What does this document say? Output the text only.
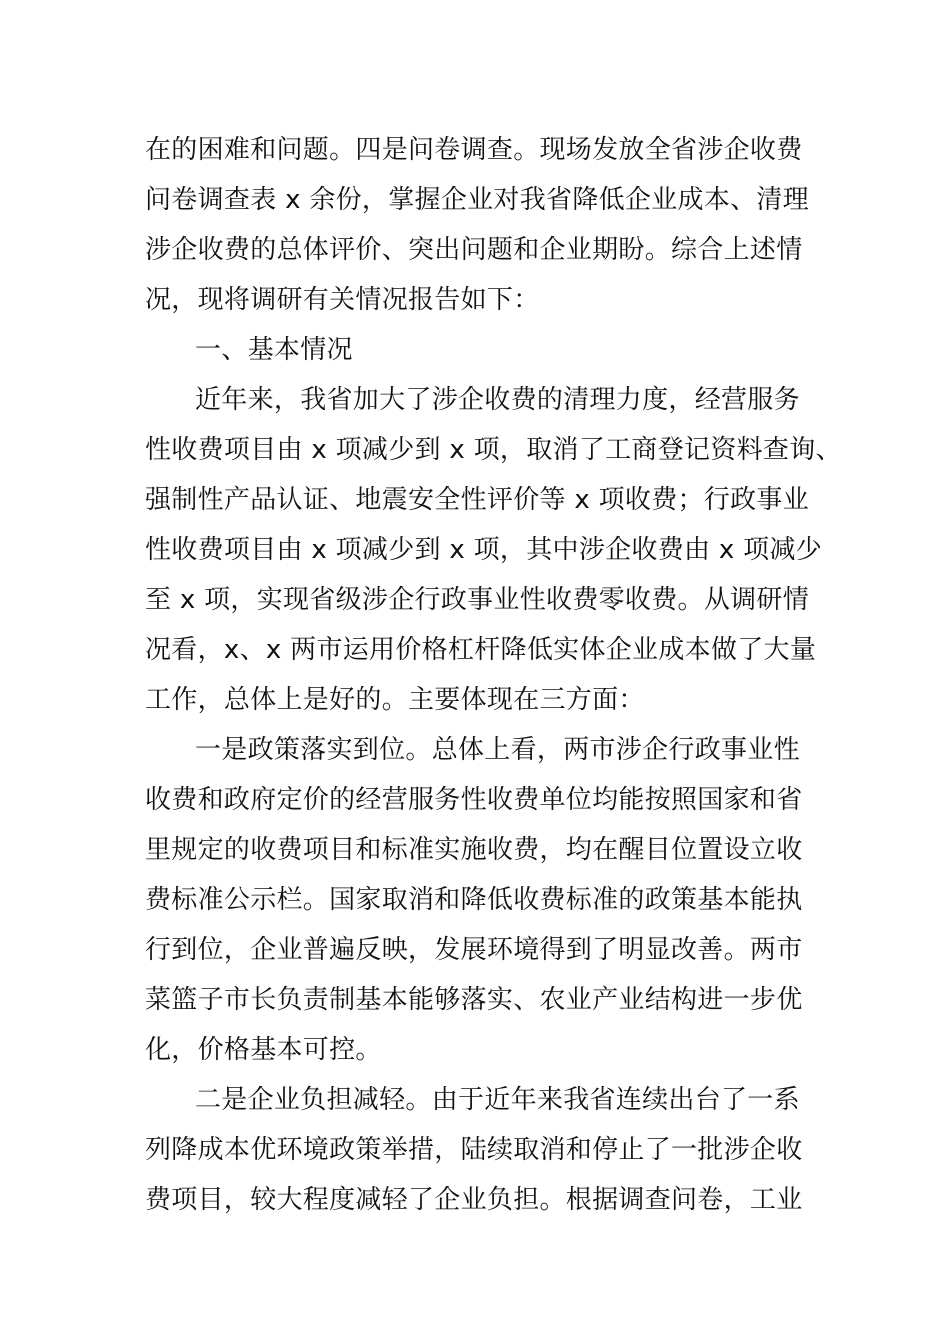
在的困难和问题。四是问卷调查。现场发放全省涉企收费
问卷调查表 x 余份，掌握企业对我省降低企业成本、清理
涉企收费的总体评价、突出问题和企业期盼。综合上述情
况，现将调研有关情况报告如下：
一、基本情况
近年来，我省加大了涉企收费的清理力度，经营服务
性收费项目由 x 项减少到 x 项，取消了工商登记资料查询、
强制性产品认证、地震安全性评价等 x 项收费；行政事业
性收费项目由 x 项减少到 x 项，其中涉企收费由 x 项减少
至 x 项，实现省级涉企行政事业性收费零收费。从调研情
况看，x、x 两市运用价格杠杆降低实体企业成本做了大量
工作，总体上是好的。主要体现在三方面：
一是政策落实到位。总体上看，两市涉企行政事业性
收费和政府定价的经营服务性收费单位均能按照国家和省
里规定的收费项目和标准实施收费，均在醒目位置设立收
费标准公示栏。国家取消和降低收费标准的政策基本能执
行到位，企业普遍反映，发展环境得到了明显改善。两市
菜篮子市长负责制基本能够落实、农业产业结构进一步优
化，价格基本可控。
二是企业负担减轻。由于近年来我省连续出台了一系
列降成本优环境政策举措，陆续取消和停止了一批涉企收
费项目，较大程度减轻了企业负担。根据调查问卷，工业
